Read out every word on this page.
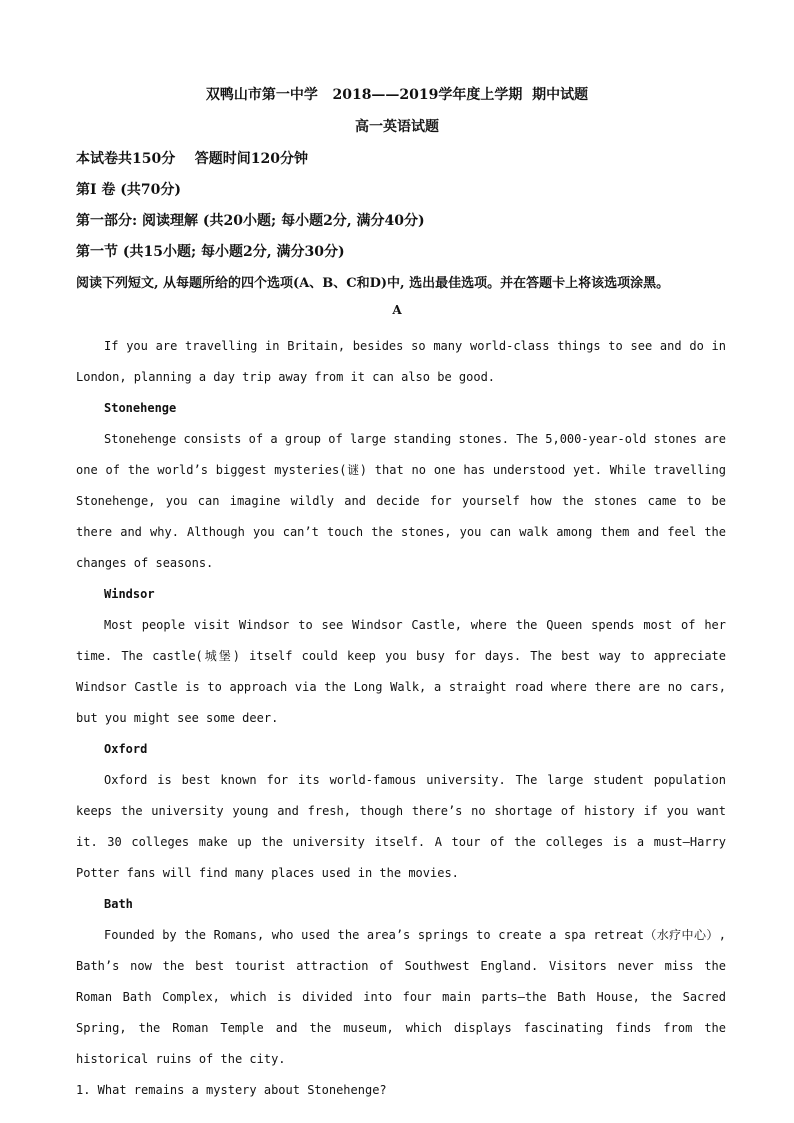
双鸭山市第一中学   2018——2019学年度上学期  期中试题
高一英语试题
本试卷共150分    答题时间120分钟
第I 卷 (共70分)
第一部分: 阅读理解 (共20小题; 每小题2分, 满分40分)
第一节 (共15小题; 每小题2分, 满分30分)
阅读下列短文, 从每题所给的四个选项(A、B、C和D)中, 选出最佳选项。并在答题卡上将该选项涂黑。
A

If you are travelling in Britain, besides so many world-class things to see and do in London, planning a day trip away from it can also be good.

Stonehenge

Stonehenge consists of a group of large standing stones. The 5,000-year-old stones are one of the world’s biggest mysteries(谜) that no one has understood yet. While travelling Stonehenge, you can imagine wildly and decide for yourself how the stones came to be there and why. Although you can’t touch the stones, you can walk among them and feel the changes of seasons.

Windsor

Most people visit Windsor to see Windsor Castle, where the Queen spends most of her time. The castle(城堡) itself could keep you busy for days. The best way to appreciate Windsor Castle is to approach via the Long Walk, a straight road where there are no cars, but you might see some deer.

Oxford

Oxford is best known for its world-famous university. The large student population keeps the university young and fresh, though there’s no shortage of history if you want it. 30 colleges make up the university itself. A tour of the colleges is a must—Harry Potter fans will find many places used in the movies.

Bath

Founded by the Romans, who used the area’s springs to create a spa retreat（水疗中心）, Bath’s now the best tourist attraction of Southwest England. Visitors never miss the Roman Bath Complex, which is divided into four main parts—the Bath House, the Sacred Spring, the Roman Temple and the museum, which displays fascinating finds from the historical ruins of the city.

1. What remains a mystery about Stonehenge?
